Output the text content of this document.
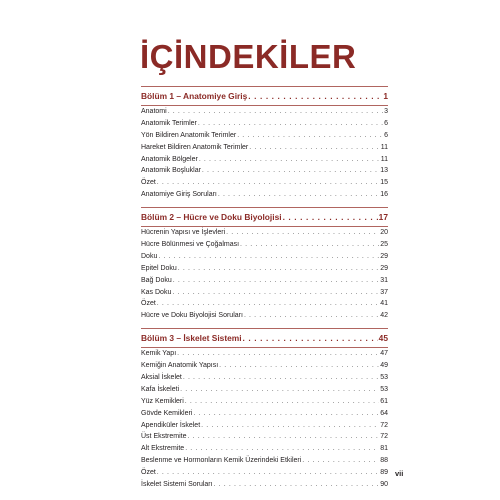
İÇİNDEKİLER
Bölüm 1 – Anatomiye Giriş . . .	1
Anatomi . . .	3
Anatomik Terimler . . .	6
Yön Bildiren Anatomik Terimler . . .	6
Hareket Bildiren Anatomik Terimler . . .	11
Anatomik Bölgeler . . .	11
Anatomik Boşluklar . . .	13
Özet . . .	15
Anatomiye Giriş Soruları . . .	16
Bölüm 2 – Hücre ve Doku Biyolojisi . . .	17
Hücrenin Yapısı ve İşlevleri . . .	20
Hücre Bölünmesi ve Çoğalması . . .	25
Doku . . .	29
Epitel Doku . . .	29
Bağ Doku . . .	31
Kas Doku . . .	37
Özet . . .	41
Hücre ve Doku Biyolojisi Soruları . . .	42
Bölüm 3 – İskelet Sistemi . . .	45
Kemik Yapı . . .	47
Kemiğin Anatomik Yapısı . . .	49
Aksial İskelet . . .	53
Kafa İskeleti . . .	53
Yüz Kemikleri . . .	61
Gövde Kemikleri . . .	64
Apendiküler İskelet . . .	72
Üst Ekstremite . . .	72
Alt Ekstremite . . .	81
Beslenme ve Hormonların Kemik Üzerindeki Etkileri . . .	88
Özet . . .	89
İskelet Sistemi Soruları . . .	90
vii
